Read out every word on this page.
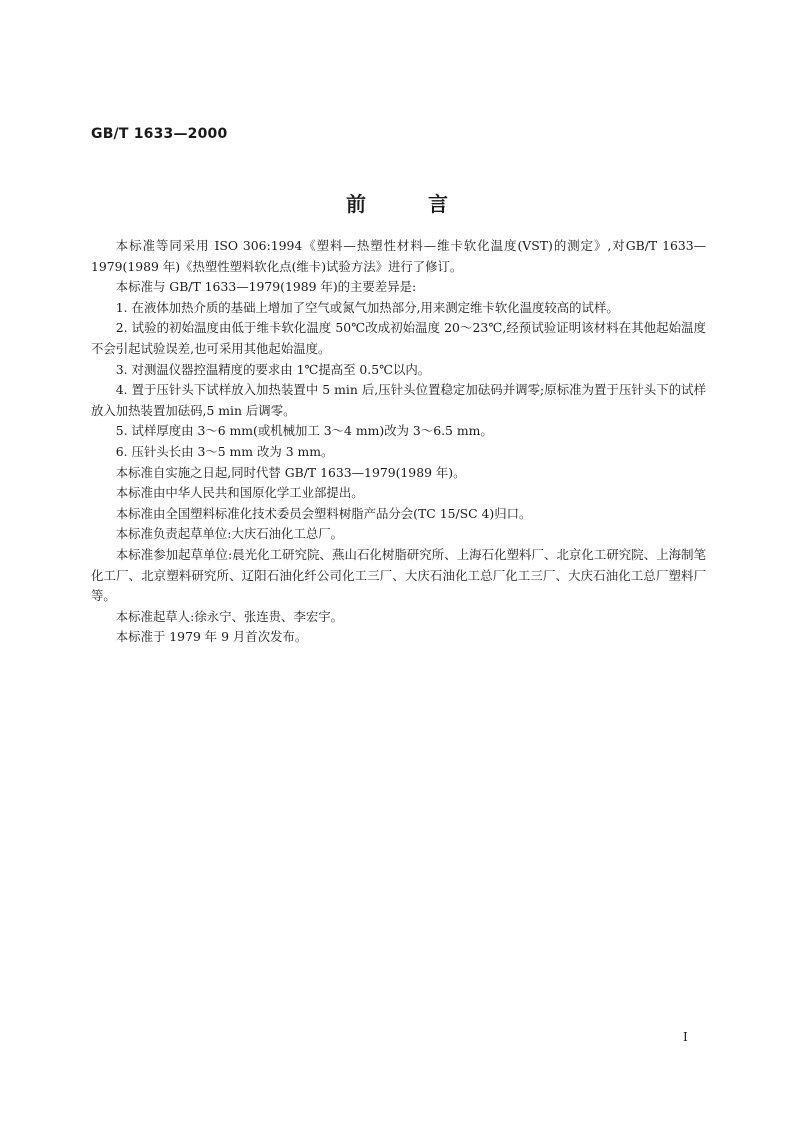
GB/T 1633—2000
前言

本标准等同采用 ISO 306:1994《塑料—热塑性材料—维卡软化温度(VST)的测定》,对GB/T 1633—1979(1989 年)《热塑性塑料软化点(维卡)试验方法》进行了修订。

本标准与 GB/T 1633—1979(1989 年)的主要差异是:

1. 在液体加热介质的基础上增加了空气或氮气加热部分,用来测定维卡软化温度较高的试样。

2. 试验的初始温度由低于维卡软化温度 50℃改成初始温度 20～23℃,经预试验证明该材料在其他起始温度不会引起试验误差,也可采用其他起始温度。

3. 对测温仪器控温精度的要求由 1℃提高至 0.5℃以内。

4. 置于压针头下试样放入加热装置中 5 min 后,压针头位置稳定加砝码并调零;原标准为置于压针头下的试样放入加热装置加砝码,5 min 后调零。

5. 试样厚度由 3～6 mm(或机械加工 3～4 mm)改为 3～6.5 mm。

6. 压针头长由 3～5 mm 改为 3 mm。

本标准自实施之日起,同时代替 GB/T 1633—1979(1989 年)。

本标准由中华人民共和国原化学工业部提出。

本标准由全国塑料标准化技术委员会塑料树脂产品分会(TC 15/SC 4)归口。

本标准负责起草单位:大庆石油化工总厂。

本标准参加起草单位:晨光化工研究院、燕山石化树脂研究所、上海石化塑料厂、北京化工研究院、上海制笔化工厂、北京塑料研究所、辽阳石油化纤公司化工三厂、大庆石油化工总厂化工三厂、大庆石油化工总厂塑料厂等。

本标准起草人:徐永宁、张连贵、李宏宇。

本标准于 1979 年 9 月首次发布。

I
